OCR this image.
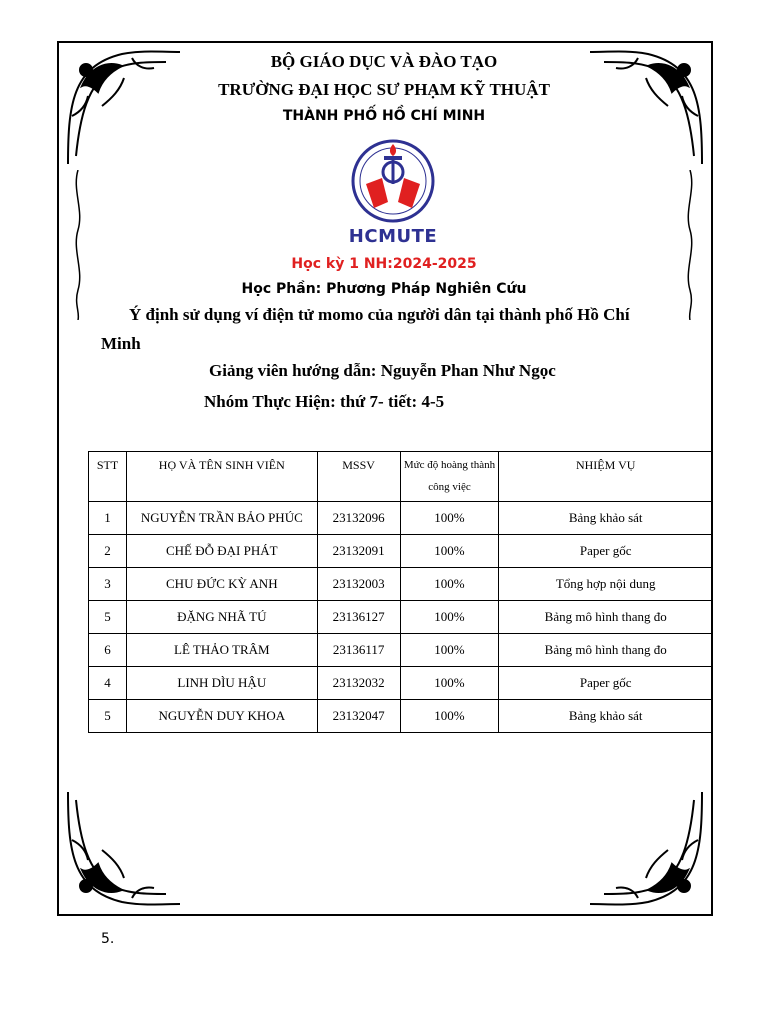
BỘ GIÁO DỤC VÀ ĐÀO TẠO
TRƯỜNG ĐẠI HỌC SƯ PHẠM KỸ THUẬT
THÀNH PHỐ HỒ CHÍ MINH
HCMUTE
Học kỳ 1 NH:2024-2025
Học Phần: Phương Pháp Nghiên Cứu
Ý định sử dụng ví điện tử momo của người dân tại thành phố Hồ Chí Minh
Giảng viên hướng dẫn: Nguyễn Phan Như Ngọc
Nhóm Thực Hiện: thứ 7- tiết: 4-5
STT	HỌ VÀ TÊN SINH VIÊN	MSSV	Mức độ hoàng thành công việc	NHIỆM VỤ
1	NGUYỄN TRẦN BẢO PHÚC	23132096	100%	Bảng khảo sát
2	CHẾ ĐỖ ĐẠI PHÁT	23132091	100%	Paper gốc
3	CHU ĐỨC KỲ ANH	23132003	100%	Tổng hợp nội dung
5	ĐẶNG NHÃ TÚ	23136127	100%	Bảng mô hình thang đo
6	LÊ THẢO TRÂM	23136117	100%	Bảng mô hình thang đo
4	LINH DÌU HẬU	23132032	100%	Paper gốc
5	NGUYỄN DUY KHOA	23132047	100%	Bảng khảo sát
5.
